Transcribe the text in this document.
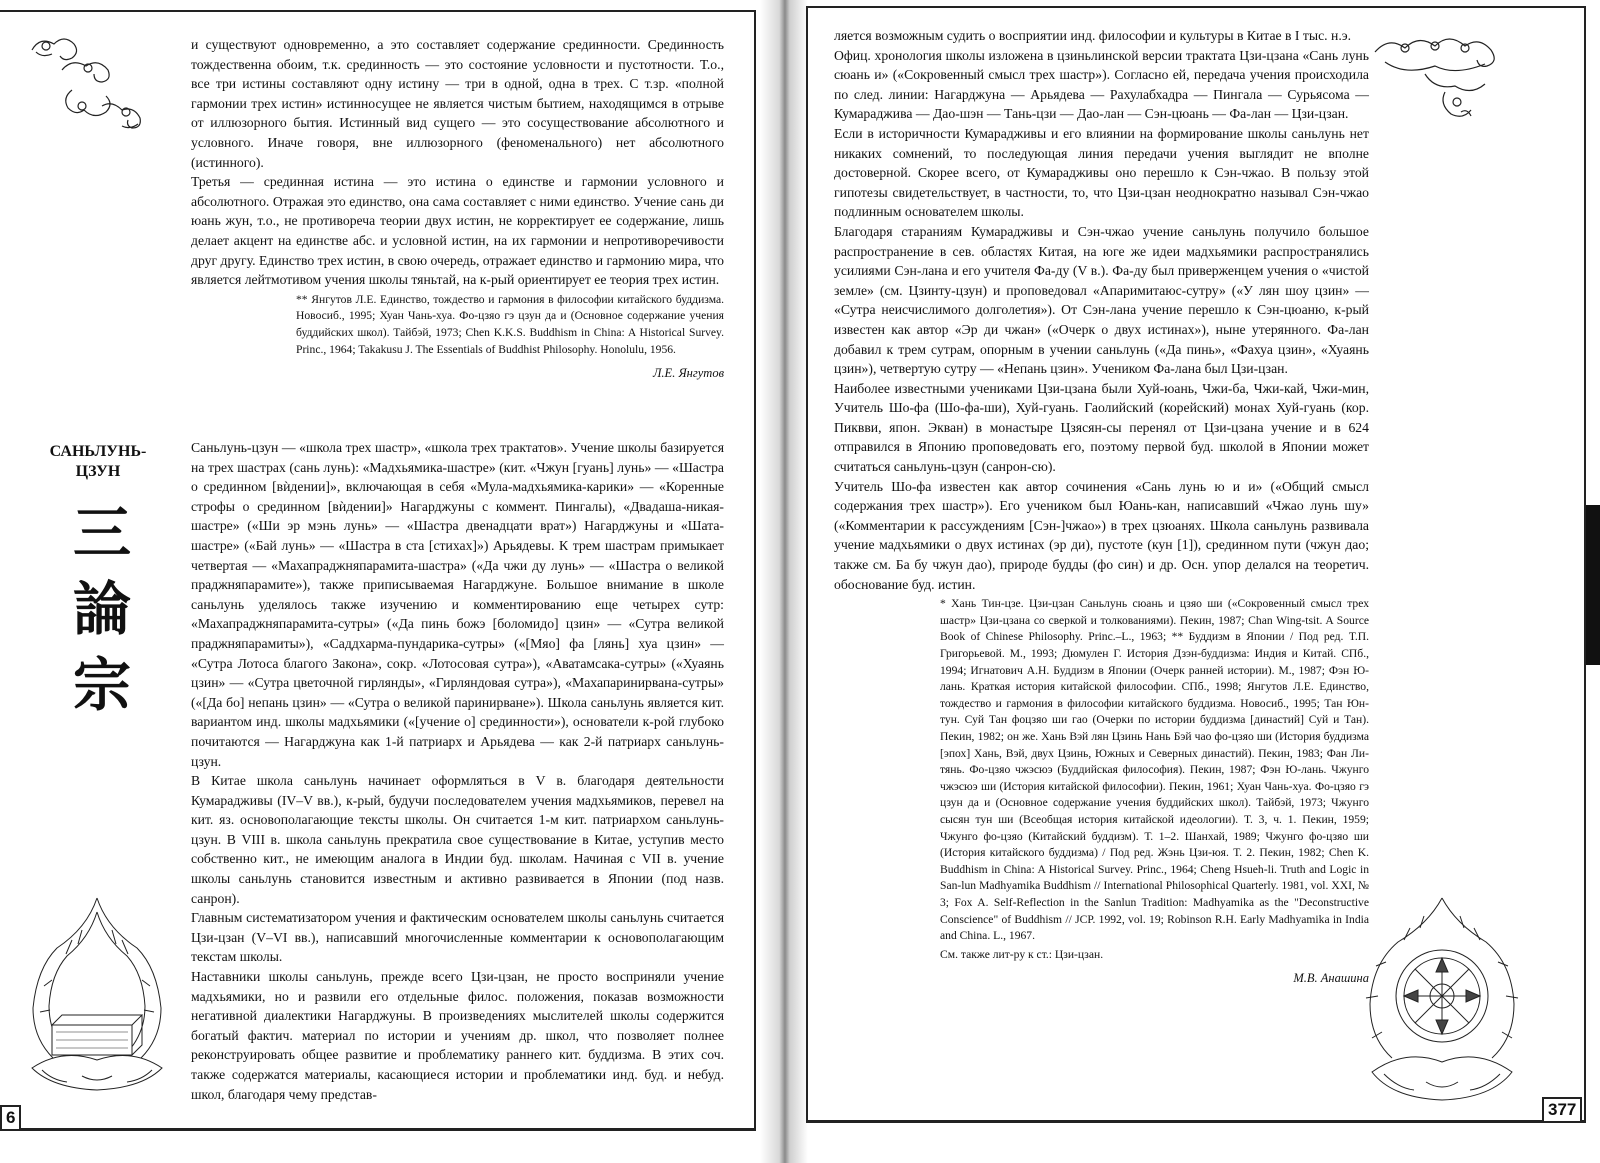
6	377

и существуют одновременно, а это составляет содержание срединности. Срединность тождественна обоим, т.к. срединность — это состояние условности и пустотности. Т.о., все три истины составляют одну истину — три в одной, одна в трех. С т.зр. «полной гармонии трех истин» истинносущее не является чистым бытием, находящимся в отрыве от иллюзорного бытия. Истинный вид сущего — это сосуществование абсолютного и условного. Иначе говоря, вне иллюзорного (феноменального) нет абсолютного (истинного).

Третья — срединная истина — это истина о единстве и гармонии условного и абсолютного. Отражая это единство, она сама составляет с ними единство. Учение сань ди юань жун, т.о., не противореча теории двух истин, не корректирует ее содержание, лишь делает акцент на единстве абс. и условной истин, на их гармонии и непротиворечивости друг другу. Единство трех истин, в свою очередь, отражает единство и гармонию мира, что является лейтмотивом учения школы тяньтай, на к-рый ориентирует ее теория трех истин.

** Янгутов Л.Е. Единство, тождество и гармония в философии китайского буддизма. Новосиб., 1995; Хуан Чань-хуа. Фо-цзяо гэ цзун да и (Основное содержание учения буддийских школ). Тайбэй, 1973; Chen K.K.S. Buddhism in China: A Historical Survey. Princ., 1964; Takakusu J. The Essentials of Buddhist Philosophy. Honolulu, 1956.
Л.Е. Янгутов
САНЬЛУНЬ-
ЦЗУН
三
論
宗

Саньлунь-цзун — «школа трех шастр», «школа трех трактатов». Учение школы базируется на трех шастрах (сань лунь): «Мадхьямика-шастре» (кит. «Чжун [гуань] лунь» — «Шастра о срединном [вѝдении]», включающая в себя «Мула-мадхьямика-карики» — «Коренные строфы о срединном [вѝдении]» Нагарджуны с коммент. Пингалы), «Двадаша-никая-шастре» («Ши эр мэнь лунь» — «Шастра двенадцати врат») Нагарджуны и «Шата-шастре» («Бай лунь» — «Шастра в ста [стихах]») Арьядевы. К трем шастрам примыкает четвертая — «Махапраджняпарамита-шастра» («Да чжи ду лунь» — «Шастра о великой праджняпарамите»), также приписываемая Нагарджуне. Большое внимание в школе саньлунь уделялось также изучению и комментированию еще четырех сутр: «Махапраджняпарамита-сутры» («Да пинь божэ [боломидо] цзин» — «Сутра великой праджняпарамиты»), «Саддхарма-пундарика-сутры» («[Мяо] фа [лянь] хуа цзин» — «Сутра Лотоса благого Закона», сокр. «Лотосовая сутра»), «Аватамсака-сутры» («Хуаянь цзин» — «Сутра цветочной гирлянды», «Гирляндовая сутра»), «Махапаринирвана-сутры» («[Да бо] непань цзин» — «Сутра о великой паринирване»). Школа саньлунь является кит. вариантом инд. школы мадхьямики («[учение о] срединности»), основатели к-рой глубоко почитаются — Нагарджуна как 1-й патриарх и Арьядева — как 2-й патриарх саньлунь-цзун.

В Китае школа саньлунь начинает оформляться в V в. благодаря деятельности Кумарадживы (IV–V вв.), к-рый, будучи последователем учения мадхьямиков, перевел на кит. яз. основополагающие тексты школы. Он считается 1-м кит. патриархом саньлунь-цзун. В VIII в. школа саньлунь прекратила свое существование в Китае, уступив место собственно кит., не имеющим аналога в Индии буд. школам. Начиная с VII в. учение школы саньлунь становится известным и активно развивается в Японии (под назв. санрон).

Главным систематизатором учения и фактическим основателем школы саньлунь считается Цзи-цзан (V–VI вв.), написавший многочисленные комментарии к основополагающим текстам школы.

Наставники школы саньлунь, прежде всего Цзи-цзан, не просто восприняли учение мадхьямики, но и развили его отдельные филос. положения, показав возможности негативной диалектики Нагарджуны. В произведениях мыслителей школы содержится богатый фактич. материал по истории и учениям др. школ, что позволяет полнее реконструировать общее развитие и проблематику раннего кит. буддизма. В этих соч. также содержатся материалы, касающиеся истории и проблематики инд. буд. и небуд. школ, благодаря чему представ-

ляется возможным судить о восприятии инд. философии и культуры в Китае в I тыс. н.э.

Офиц. хронология школы изложена в цзиньлинской версии трактата Цзи-цзана «Сань лунь сюань и» («Сокровенный смысл трех шастр»). Согласно ей, передача учения происходила по след. линии: Нагарджуна — Арьядева — Рахулабхадра — Пингала — Сурьясома — Кумараджива — Дао-шэн — Тань-цзи — Дао-лан — Сэн-цюань — Фа-лан — Цзи-цзан.

Если в историчности Кумарадживы и его влиянии на формирование школы саньлунь нет никаких сомнений, то последующая линия передачи учения выглядит не вполне достоверной. Скорее всего, от Кумарадживы оно перешло к Сэн-чжао. В пользу этой гипотезы свидетельствует, в частности, то, что Цзи-цзан неоднократно называл Сэн-чжао подлинным основателем школы.

Благодаря стараниям Кумарадживы и Сэн-чжао учение саньлунь получило большое распространение в сев. областях Китая, на юге же идеи мадхьямики распространялись усилиями Сэн-лана и его учителя Фа-ду (V в.). Фа-ду был приверженцем учения о «чистой земле» (см. Цзинту-цзун) и проповедовал «Апаримитаюс-сутру» («У лян шоу цзин» — «Сутра неисчислимого долголетия»). От Сэн-лана учение перешло к Сэн-цюаню, к-рый известен как автор «Эр ди чжан» («Очерк о двух истинах»), ныне утерянного. Фа-лан добавил к трем сутрам, опорным в учении саньлунь («Да пинь», «Фахуа цзин», «Хуаянь цзин»), четвертую сутру — «Непань цзин». Учеником Фа-лана был Цзи-цзан.

Наиболее известными учениками Цзи-цзана были Хуй-юань, Чжи-ба, Чжи-кай, Чжи-мин, Учитель Шо-фа (Шо-фа-ши), Хуй-гуань. Гаолийский (корейский) монах Хуй-гуань (кор. Пиквви, япон. Экван) в монастыре Цзясян-сы перенял от Цзи-цзана учение и в 624 отправился в Японию проповедовать его, поэтому первой буд. школой в Японии может считаться саньлунь-цзун (санрон-сю).

Учитель Шо-фа известен как автор сочинения «Сань лунь ю и и» («Общий смысл содержания трех шастр»). Его учеником был Юань-кан, написавший «Чжао лунь шу» («Комментарии к рассуждениям [Сэн-]чжао») в трех цзюанях. Школа саньлунь развивала учение мадхьямики о двух истинах (эр ди), пустоте (кун [1]), срединном пути (чжун дао; также см. Ба бу чжун дао), природе будды (фо син) и др. Осн. упор делался на теоретич. обоснование буд. истин.

* Хань Тин-цзе. Цзи-цзан Саньлунь сюань и цзяо ши («Сокровенный смысл трех шастр» Цзи-цзана со сверкой и толкованиями). Пекин, 1987; Chan Wing-tsit. A Source Book of Chinese Philosophy. Princ.–L., 1963; ** Буддизм в Японии / Под ред. Т.П. Григорьевой. М., 1993; Дюмулен Г. История Дзэн-буддизма: Индия и Китай. СПб., 1994; Игнатович А.Н. Буддизм в Японии (Очерк ранней истории). М., 1987; Фэн Ю-лань. Краткая история китайской философии. СПб., 1998; Янгутов Л.Е. Единство, тождество и гармония в философии китайского буддизма. Новосиб., 1995; Тан Юн-тун. Суй Тан фоцзяо ши гао (Очерки по истории буддизма [династий] Суй и Тан). Пекин, 1982; он же. Хань Вэй лян Цзинь Нань Бэй чао фо-цзяо ши (История буддизма [эпох] Хань, Вэй, двух Цзинь, Южных и Северных династий). Пекин, 1983; Фан Ли-тянь. Фо-цзяо чжэсюэ (Буддийская философия). Пекин, 1987; Фэн Ю-лань. Чжунго чжэсюэ ши (История китайской философии). Пекин, 1961; Хуан Чань-хуа. Фо-цзяо гэ цзун да и (Основное содержание учения буддийских школ). Тайбэй, 1973; Чжунго сысян тун ши (Всеобщая история китайской идеологии). Т. 3, ч. 1. Пекин, 1959; Чжунго фо-цзяо (Китайский буддизм). Т. 1–2. Шанхай, 1989; Чжунго фо-цзяо ши (История китайского буддизма) / Под ред. Жэнь Цзи-юя. Т. 2. Пекин, 1982; Chen K. Buddhism in China: A Historical Survey. Princ., 1964; Cheng Hsueh-li. Truth and Logic in San-lun Madhyamika Buddhism // International Philosophical Quarterly. 1981, vol. XXI, № 3; Fox A. Self-Reflection in the Sanlun Tradition: Madhyamika as the "Deconstructive Conscience" of Buddhism // JCP. 1992, vol. 19; Robinson R.H. Early Madhyamika in India and China. L., 1967.
См. также лит-ру к ст.: Цзи-цзан.
М.В. Анашина
